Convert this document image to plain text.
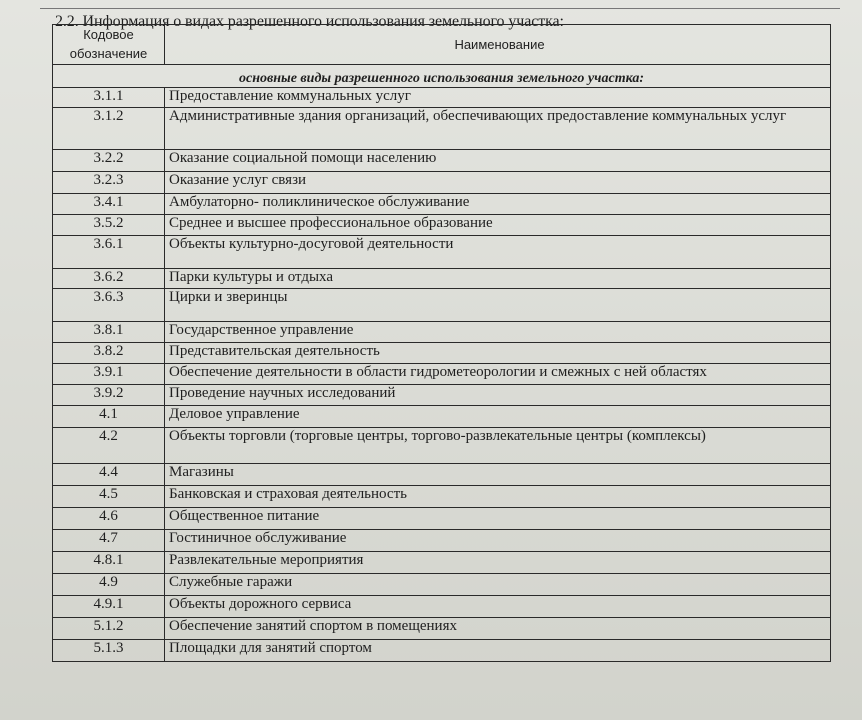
2.2. Информация о видах разрешенного использования земельного участка:
Кодовое обозначение	Наименование
основные виды разрешенного использования земельного участка:	
3.1.1	Предоставление коммунальных услуг
3.1.2	Административные здания организаций, обеспечивающих предоставление коммунальных услуг
3.2.2	Оказание социальной помощи населению
3.2.3	Оказание услуг связи
3.4.1	Амбулаторно- поликлиническое обслуживание
3.5.2	Среднее и высшее профессиональное образование
3.6.1	Объекты культурно-досуговой деятельности
3.6.2	Парки культуры и отдыха
3.6.3	Цирки и зверинцы
3.8.1	Государственное управление
3.8.2	Представительская деятельность
3.9.1	Обеспечение деятельности в области гидрометеорологии и смежных с ней областях
3.9.2	Проведение научных исследований
4.1	Деловое управление
4.2	Объекты торговли (торговые центры, торгово-развлекательные центры (комплексы)
4.4	Магазины
4.5	Банковская и страховая деятельность
4.6	Общественное питание
4.7	Гостиничное обслуживание
4.8.1	Развлекательные мероприятия
4.9	Служебные гаражи
4.9.1	Объекты дорожного сервиса
5.1.2	Обеспечение занятий спортом в помещениях
5.1.3	Площадки для занятий спортом
